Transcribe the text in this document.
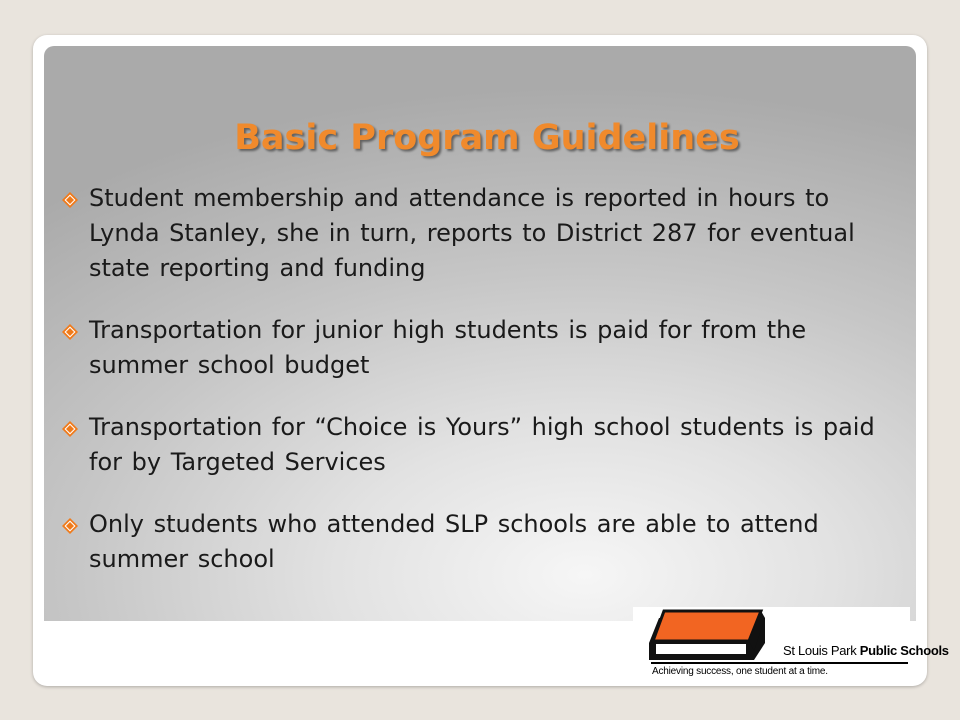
Basic Program Guidelines
Student membership and attendance is reported in hours to Lynda Stanley, she in turn, reports to District 287 for eventual state reporting and funding
Transportation for junior high students is paid for from the summer school budget
Transportation for “Choice is Yours” high school students is paid for by Targeted Services
Only students who attended SLP schools are able to attend summer school
St Louis Park Public Schools
Achieving success, one student at a time.
